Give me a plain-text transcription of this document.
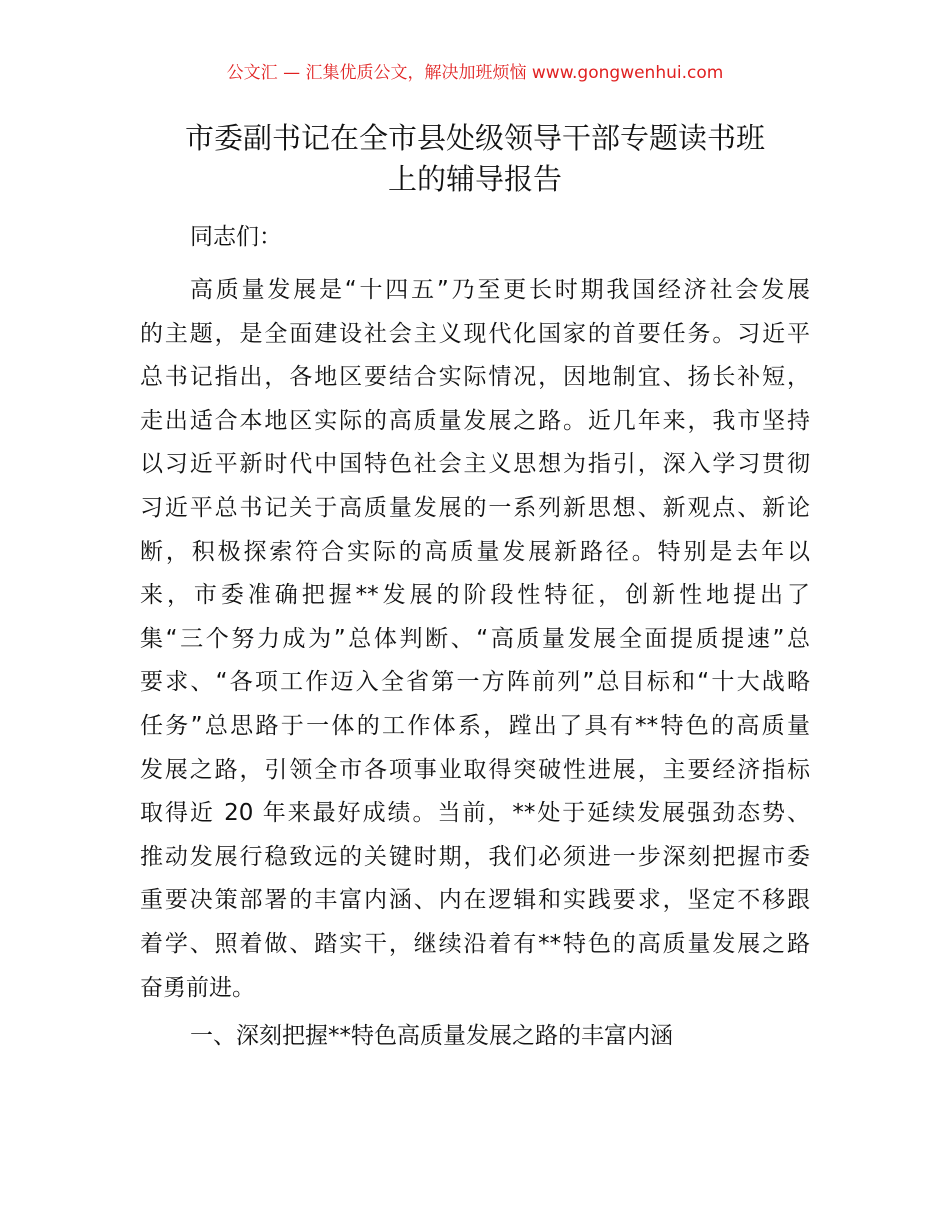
公文汇 — 汇集优质公文，解决加班烦恼 www.gongwenhui.com
市委副书记在全市县处级领导干部专题读书班
上的辅导报告
同志们：
高质量发展是“十四五”乃至更长时期我国经济社会发展
的主题，是全面建设社会主义现代化国家的首要任务。习近平
总书记指出，各地区要结合实际情况，因地制宜、扬长补短，
走出适合本地区实际的高质量发展之路。近几年来，我市坚持
以习近平新时代中国特色社会主义思想为指引，深入学习贯彻
习近平总书记关于高质量发展的一系列新思想、新观点、新论
断，积极探索符合实际的高质量发展新路径。特别是去年以
来，市委准确把握**发展的阶段性特征，创新性地提出了
集“三个努力成为”总体判断、“高质量发展全面提质提速”总
要求、“各项工作迈入全省第一方阵前列”总目标和“十大战略
任务”总思路于一体的工作体系，蹚出了具有**特色的高质量
发展之路，引领全市各项事业取得突破性进展，主要经济指标
取得近 20 年来最好成绩。当前，**处于延续发展强劲态势、
推动发展行稳致远的关键时期，我们必须进一步深刻把握市委
重要决策部署的丰富内涵、内在逻辑和实践要求，坚定不移跟
着学、照着做、踏实干，继续沿着有**特色的高质量发展之路
奋勇前进。
一、深刻把握**特色高质量发展之路的丰富内涵
